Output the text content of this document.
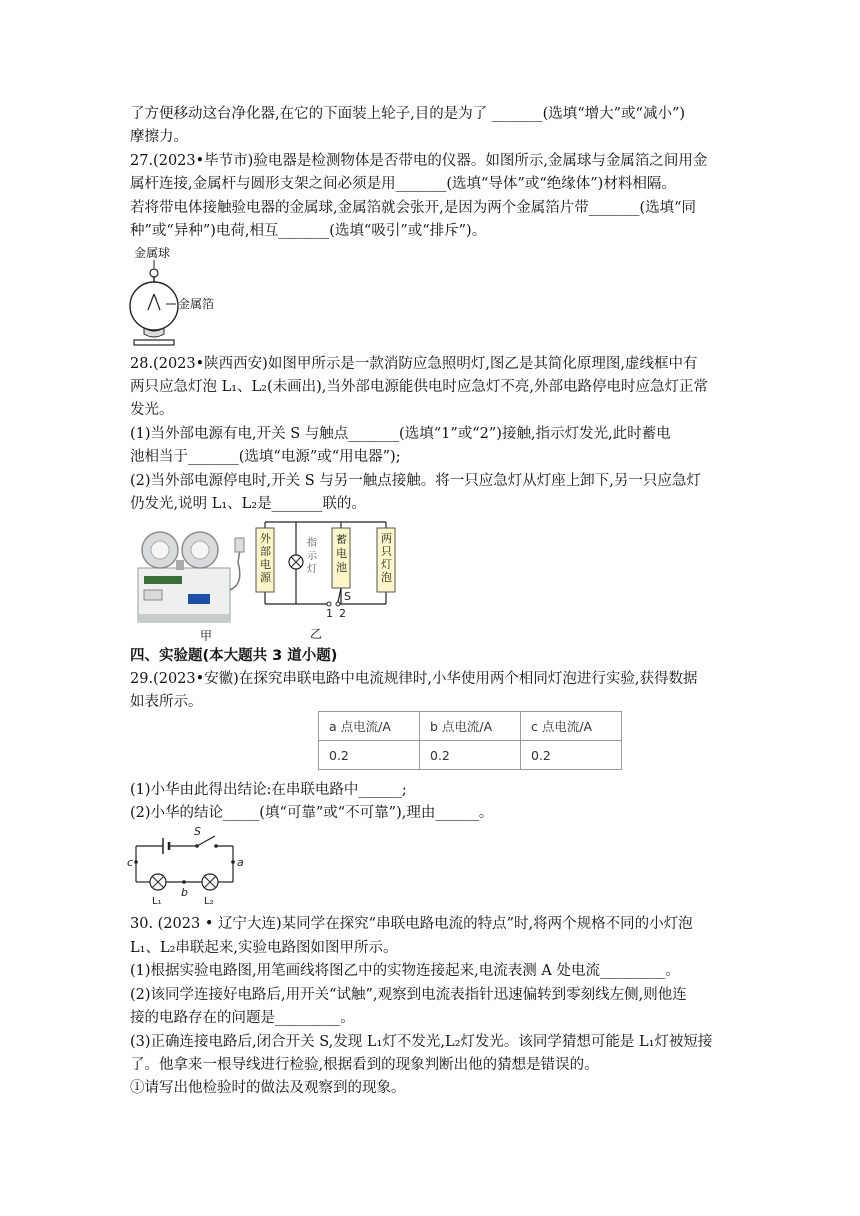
了方便移动这台净化器,在它的下面装上轮子,目的是为了 _______(选填“增大”或“减小”)
摩擦力。
27.(2023•毕节市)验电器是检测物体是否带电的仪器。如图所示,金属球与金属箔之间用金
属杆连接,金属杆与圆形支架之间必须是用_______(选填“导体”或“绝缘体”)材料相隔。
若将带电体接触验电器的金属球,金属箔就会张开,是因为两个金属箔片带_______(选填“同
种”或“异种”)电荷,相互_______(选填“吸引”或“排斥”)。
金属球
金属箔
28.(2023•陕西西安)如图甲所示是一款消防应急照明灯,图乙是其简化原理图,虚线框中有
两只应急灯泡 L₁、L₂(未画出),当外部电源能供电时应急灯不亮,外部电路停电时应急灯正常
发光。
(1)当外部电源有电,开关 S 与触点_______(选填“1”或“2”)接触,指示灯发光,此时蓄电
池相当于_______(选填“电源”或“用电器”);
(2)当外部电源停电时,开关 S 与另一触点接触。将一只应急灯从灯座上卸下,另一只应急灯
仍发光,说明 L₁、L₂是_______联的。
甲
外部电源
指示灯
蓄电池
两只灯泡
S
1 2
乙
四、实验题(本大题共 3 道小题)
29.(2023•安徽)在探究串联电路中电流规律时,小华使用两个相同灯泡进行实验,获得数据
如表所示。
a 点电流/A	b 点电流/A	c 点电流/A
0.2	0.2	0.2
(1)小华由此得出结论:在串联电路中______;
(2)小华的结论_____(填“可靠”或“不可靠”),理由______。
S
c	a
b
L₁	L₂
30. (2023 • 辽宁大连)某同学在探究“串联电路电流的特点”时,将两个规格不同的小灯泡
L₁、L₂串联起来,实验电路图如图甲所示。
(1)根据实验电路图,用笔画线将图乙中的实物连接起来,电流表测 A 处电流_________。
(2)该同学连接好电路后,用开关“试触”,观察到电流表指针迅速偏转到零刻线左侧,则他连
接的电路存在的问题是_________。
(3)正确连接电路后,闭合开关 S,发现 L₁灯不发光,L₂灯发光。该同学猜想可能是 L₁灯被短接
了。他拿来一根导线进行检验,根据看到的现象判断出他的猜想是错误的。
①请写出他检验时的做法及观察到的现象。
